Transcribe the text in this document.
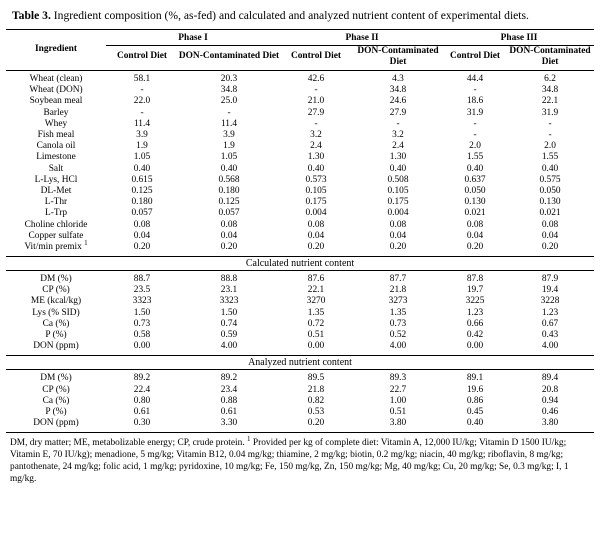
Table 3. Ingredient composition (%, as-fed) and calculated and analyzed nutrient content of experimental diets.

Ingredient	Phase I		Phase II		Phase III	
	Control Diet	DON-Contaminated Diet	Control Diet	DON-Contaminated Diet	Control Diet	DON-Contaminated Diet
Wheat (clean)	58.1	20.3	42.6	4.3	44.4	6.2
Wheat (DON)	-	34.8	-	34.8	-	34.8
Soybean meal	22.0	25.0	21.0	24.6	18.6	22.1
Barley	-	-	27.9	27.9	31.9	31.9
Whey	11.4	11.4	-	-	-	-
Fish meal	3.9	3.9	3.2	3.2	-	-
Canola oil	1.9	1.9	2.4	2.4	2.0	2.0
Limestone	1.05	1.05	1.30	1.30	1.55	1.55
Salt	0.40	0.40	0.40	0.40	0.40	0.40
L-Lys, HCl	0.615	0.568	0.573	0.508	0.637	0.575
DL-Met	0.125	0.180	0.105	0.105	0.050	0.050
L-Thr	0.180	0.125	0.175	0.175	0.130	0.130
L-Trp	0.057	0.057	0.004	0.004	0.021	0.021
Choline chloride	0.08	0.08	0.08	0.08	0.08	0.08
Copper sulfate	0.04	0.04	0.04	0.04	0.04	0.04
Vit/min premix $^1$	0.20	0.20	0.20	0.20	0.20	0.20
Calculated nutrient content						
DM (%)	88.7	88.8	87.6	87.7	87.8	87.9
CP (%)	23.5	23.1	22.1	21.8	19.7	19.4
ME (kcal/kg)	3323	3323	3270	3273	3225	3228
Lys (% SID)	1.50	1.50	1.35	1.35	1.23	1.23
Ca (%)	0.73	0.74	0.72	0.73	0.66	0.67
P (%)	0.58	0.59	0.51	0.52	0.42	0.43
DON (ppm)	0.00	4.00	0.00	4.00	0.00	4.00
Analyzed nutrient content						
DM (%)	89.2	89.2	89.5	89.3	89.1	89.4
CP (%)	22.4	23.4	21.8	22.7	19.6	20.8
Ca (%)	0.80	0.88	0.82	1.00	0.86	0.94
P (%)	0.61	0.61	0.53	0.51	0.45	0.46
DON (ppm)	0.30	3.30	0.20	3.80	0.40	3.80

DM, dry matter; ME, metabolizable energy; CP, crude protein. $^1$ Provided per kg of complete diet: Vitamin A, 12,000 IU/kg; Vitamin D 1500 IU/kg; Vitamin E, 70 IU/kg); menadione, 5 mg/kg; Vitamin B12, 0.04 mg/kg; thiamine, 2 mg/kg; biotin, 0.2 mg/kg; niacin, 40 mg/kg; riboflavin, 8 mg/kg; pantothenate, 24 mg/kg; folic acid, 1 mg/kg; pyridoxine, 10 mg/kg; Fe, 150 mg/kg, Zn, 150 mg/kg; Mg, 40 mg/kg; Cu, 20 mg/kg; Se, 0.3 mg/kg; I, 1 mg/kg.
